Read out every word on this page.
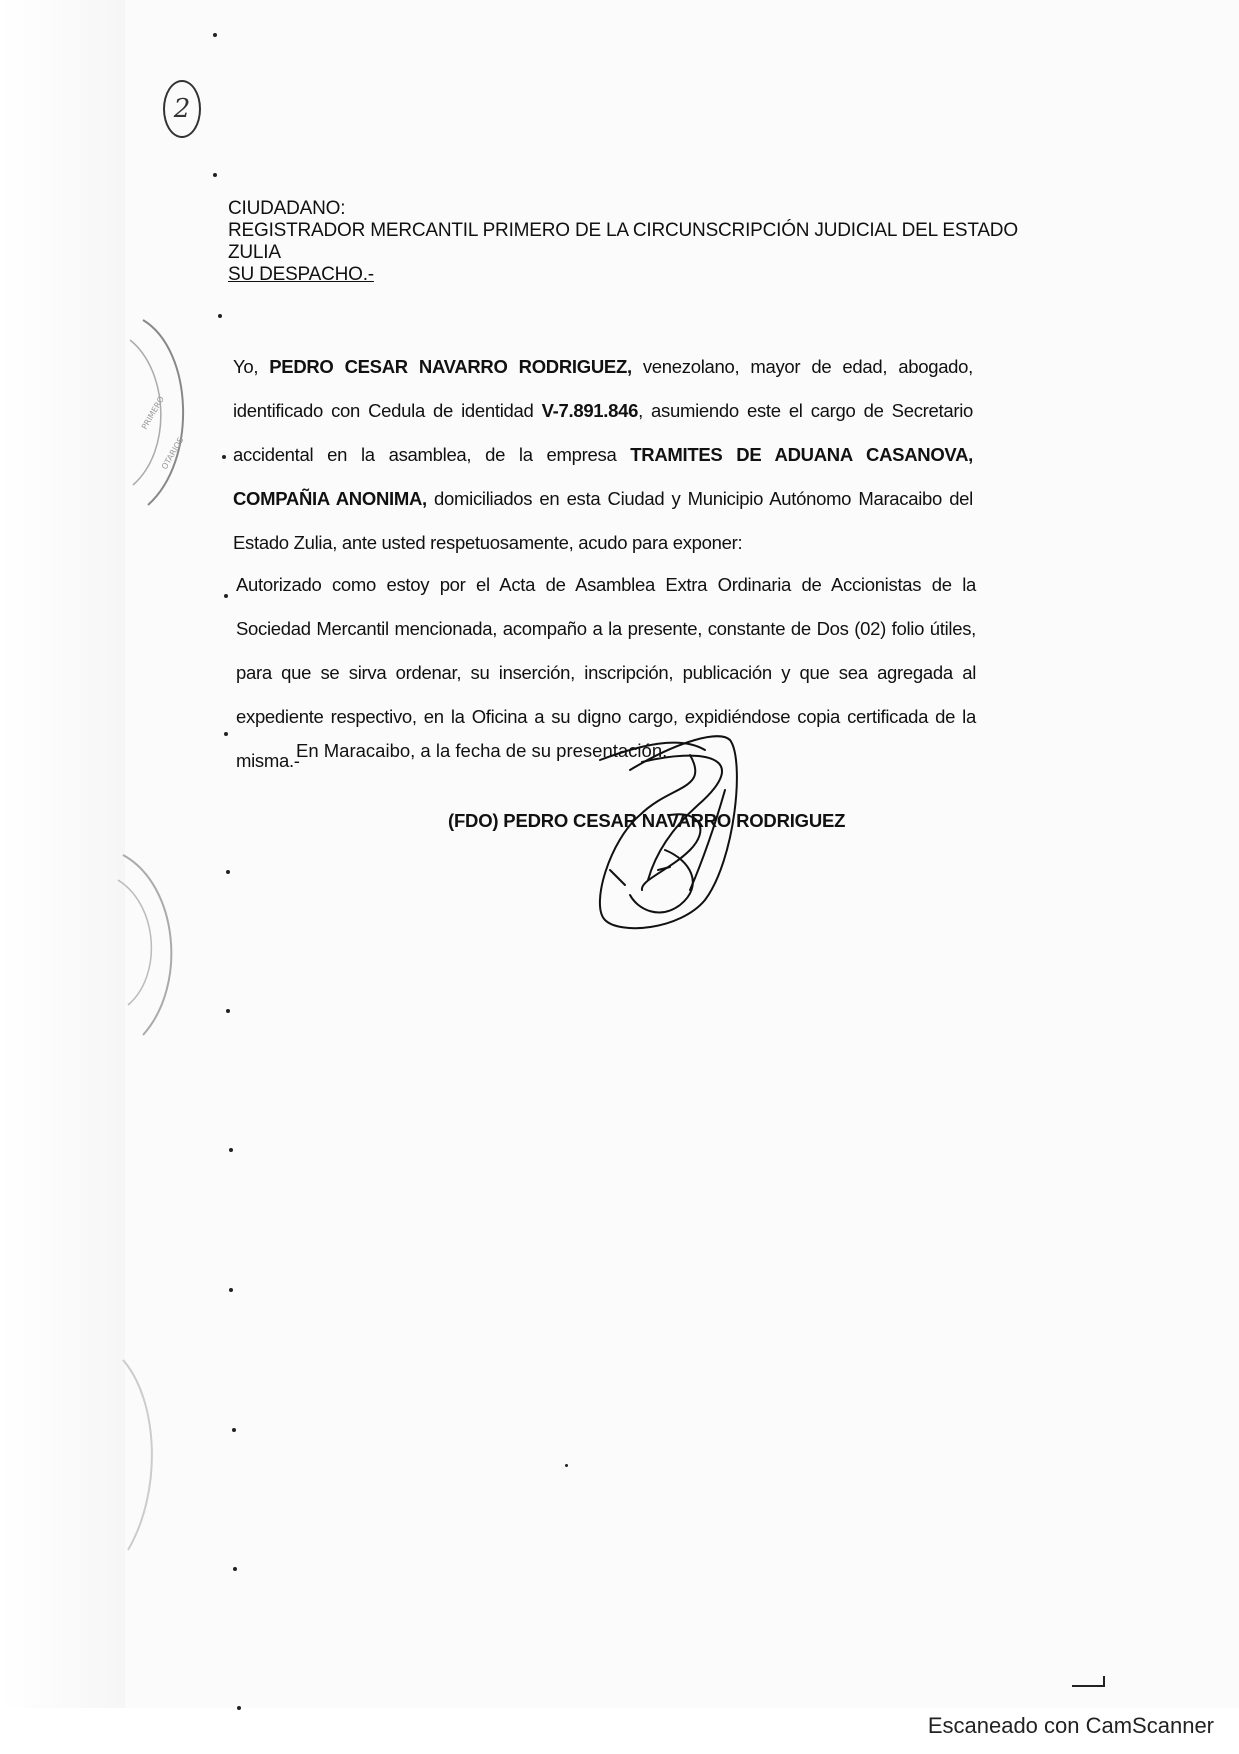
PRIMERO
OTARIOS
2
CIUDADANO:
REGISTRADOR MERCANTIL PRIMERO DE LA CIRCUNSCRIPCIÓN JUDICIAL DEL ESTADO
ZULIA
SU DESPACHO.-
Yo, PEDRO CESAR NAVARRO RODRIGUEZ, venezolano, mayor de edad, abogado, identificado con Cedula de identidad V-7.891.846, asumiendo este el cargo de Secretario accidental en la asamblea, de la empresa TRAMITES DE ADUANA CASANOVA, COMPAÑIA ANONIMA, domiciliados en esta Ciudad y Municipio Autónomo Maracaibo del Estado Zulia, ante usted respetuosamente, acudo para exponer:
Autorizado como estoy por el Acta de Asamblea Extra Ordinaria de Accionistas de la Sociedad Mercantil mencionada, acompaño a la presente, constante de Dos (02) folio útiles, para que se sirva ordenar, su inserción, inscripción, publicación y que sea agregada al expediente respectivo, en la Oficina a su digno cargo, expidiéndose copia certificada de la misma.-
En Maracaibo, a la fecha de su presentación.
(FDO) PEDRO CESAR NAVARRO RODRIGUEZ
Escaneado con CamScanner
